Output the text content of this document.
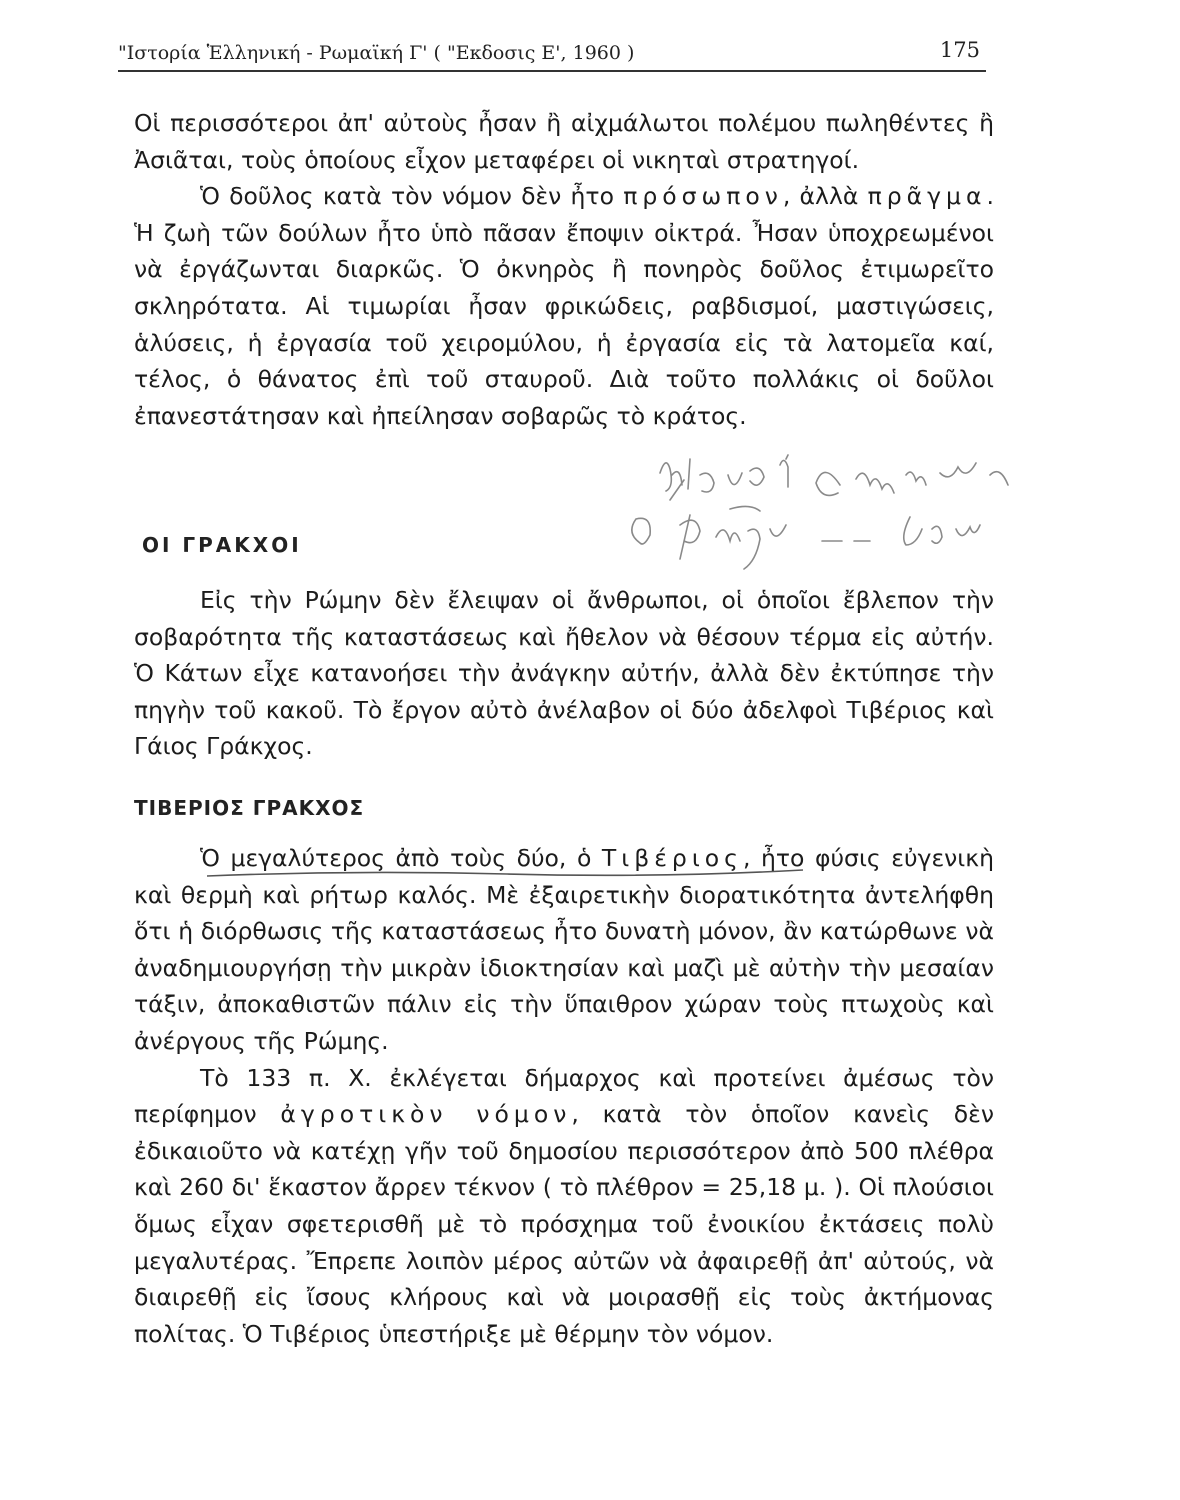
"Ιστορία Ἑλληνική - Ρωμαϊκή Γ' ( "Εκδοσις Ε', 1960 )	175

Οἱ περισσότεροι ἀπ' αὐτοὺς ἦσαν ἢ αἰχμάλωτοι πολέμου πωληθέντες ἢ Ἀσιᾶται, τοὺς ὁποίους εἶχον μεταφέρει οἱ νικηταὶ στρατηγοί.

Ὁ δοῦλος κατὰ τὸν νόμον δὲν ἦτο πρόσωπον, ἀλλὰ πρᾶγμα. Ἡ ζωὴ τῶν δούλων ἦτο ὑπὸ πᾶσαν ἔποψιν οἰκτρά. Ἦσαν ὑποχρεωμένοι νὰ ἐργάζωνται διαρκῶς. Ὁ ὀκνηρὸς ἢ πονηρὸς δοῦλος ἐτιμωρεῖτο σκληρότατα. Αἱ τιμωρίαι ἦσαν φρικώδεις, ραβδισμοί, μαστιγώσεις, ἁλύσεις, ἡ ἐργασία τοῦ χειρομύλου, ἡ ἐργασία εἰς τὰ λατομεῖα καί, τέλος, ὁ θάνατος ἐπὶ τοῦ σταυροῦ. Διὰ τοῦτο πολλάκις οἱ δοῦλοι ἐπανεστάτησαν καὶ ἠπείλησαν σοβαρῶς τὸ κράτος.

ΟΙ ΓΡΑΚΧΟΙ

Εἰς τὴν Ρώμην δὲν ἔλειψαν οἱ ἄνθρωποι, οἱ ὁποῖοι ἔβλεπον τὴν σοβαρότητα τῆς καταστάσεως καὶ ἤθελον νὰ θέσουν τέρμα εἰς αὐτήν. Ὁ Κάτων εἶχε κατανοήσει τὴν ἀνάγκην αὐτήν, ἀλλὰ δὲν ἐκτύπησε τὴν πηγὴν τοῦ κακοῦ. Τὸ ἔργον αὐτὸ ἀνέλαβον οἱ δύο ἀδελφοὶ Τιβέριος καὶ Γάιος Γράκχος.

ΤΙΒΕΡΙΟΣ ΓΡΑΚΧΟΣ

Ὁ μεγαλύτερος ἀπὸ τοὺς δύο, ὁ Τιβέριος, ἦτο φύσις εὐγενικὴ καὶ θερμὴ καὶ ρήτωρ καλός. Μὲ ἐξαιρετικὴν διορατικότητα ἀντελήφθη ὅτι ἡ διόρθωσις τῆς καταστάσεως ἦτο δυνατὴ μόνον, ἂν κατώρθωνε νὰ ἀναδημιουργήσῃ τὴν μικρὰν ἰδιοκτησίαν καὶ μαζὶ μὲ αὐτὴν τὴν μεσαίαν τάξιν, ἀποκαθιστῶν πάλιν εἰς τὴν ὕπαιθρον χώραν τοὺς πτωχοὺς καὶ ἀνέργους τῆς Ρώμης.

Τὸ 133 π. Χ. ἐκλέγεται δήμαρχος καὶ προτείνει ἀμέσως τὸν περίφημον ἀγροτικὸν νόμον, κατὰ τὸν ὁποῖον κανεὶς δὲν ἐδικαιοῦτο νὰ κατέχῃ γῆν τοῦ δημοσίου περισσότερον ἀπὸ 500 πλέθρα καὶ 260 δι' ἕκαστον ἄρρεν τέκνον ( τὸ πλέθρον = 25,18 μ. ). Οἱ πλούσιοι ὅμως εἶχαν σφετερισθῆ μὲ τὸ πρόσχημα τοῦ ἐνοικίου ἐκτάσεις πολὺ μεγαλυτέρας. Ἔπρεπε λοιπὸν μέρος αὐτῶν νὰ ἀφαιρεθῇ ἀπ' αὐτούς, νὰ διαιρεθῇ εἰς ἴσους κλήρους καὶ νὰ μοιρασθῇ εἰς τοὺς ἀκτήμονας πολίτας. Ὁ Τιβέριος ὑπεστήριξε μὲ θέρμην τὸν νόμον.
